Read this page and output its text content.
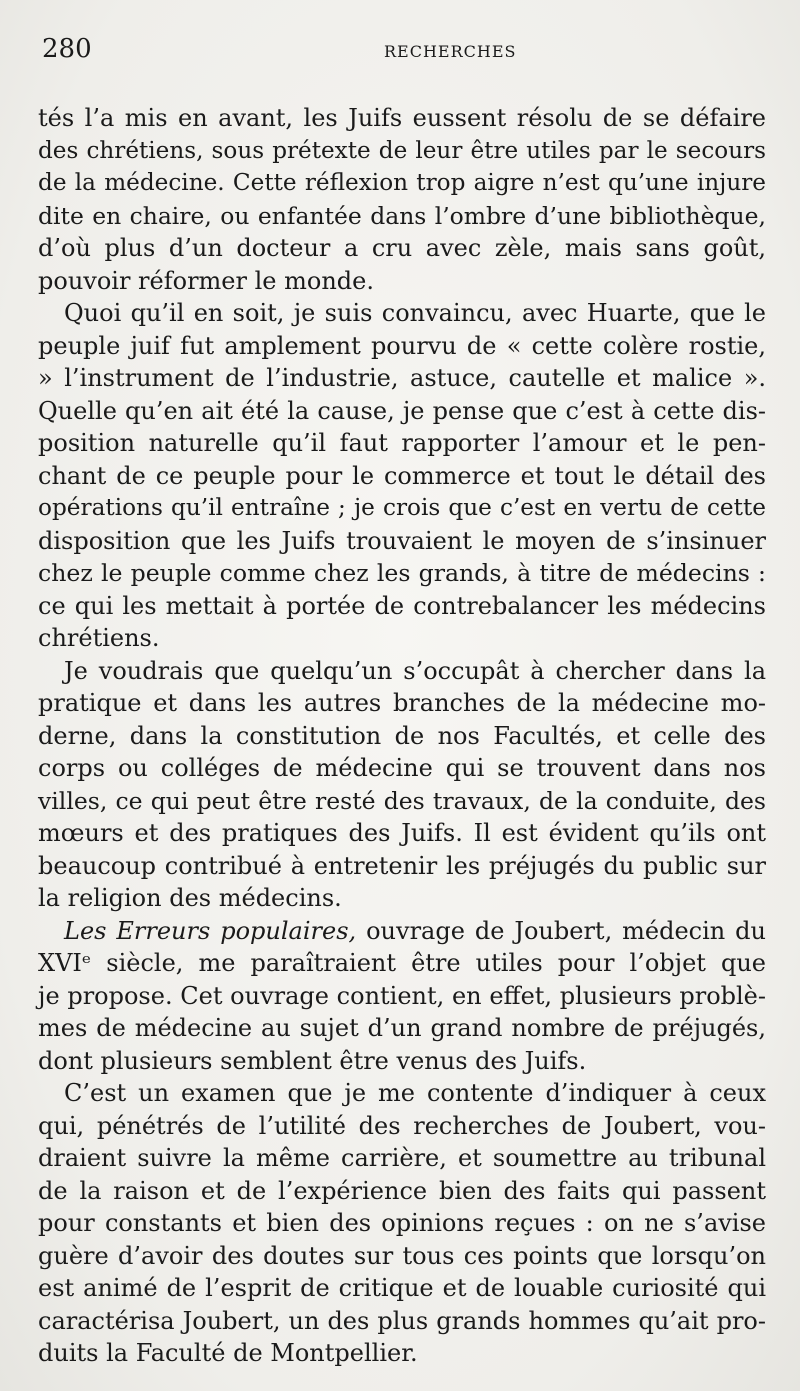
280	RECHERCHES

tés l’a mis en avant, les Juifs eussent résolu de se défaire
des chrétiens, sous prétexte de leur être utiles par le secours
de la médecine. Cette réflexion trop aigre n’est qu’une injure
dite en chaire, ou enfantée dans l’ombre d’une bibliothèque,
d’où plus d’un docteur a cru avec zèle, mais sans goût,
pouvoir réformer le monde.

Quoi qu’il en soit, je suis convaincu, avec Huarte, que le
peuple juif fut amplement pourvu de « cette colère rostie,
» l’instrument de l’industrie, astuce, cautelle et malice ».
Quelle qu’en ait été la cause, je pense que c’est à cette dis-
position naturelle qu’il faut rapporter l’amour et le pen-
chant de ce peuple pour le commerce et tout le détail des
opérations qu’il entraîne ; je crois que c’est en vertu de cette
disposition que les Juifs trouvaient le moyen de s’insinuer
chez le peuple comme chez les grands, à titre de médecins :
ce qui les mettait à portée de contrebalancer les médecins
chrétiens.

Je voudrais que quelqu’un s’occupât à chercher dans la
pratique et dans les autres branches de la médecine mo-
derne, dans la constitution de nos Facultés, et celle des
corps ou colléges de médecine qui se trouvent dans nos
villes, ce qui peut être resté des travaux, de la conduite, des
mœurs et des pratiques des Juifs. Il est évident qu’ils ont
beaucoup contribué à entretenir les préjugés du public sur
la religion des médecins.

Les Erreurs populaires, ouvrage de Joubert, médecin du
XVIᵉ siècle, me paraîtraient être utiles pour l’objet que
je propose. Cet ouvrage contient, en effet, plusieurs problè-
mes de médecine au sujet d’un grand nombre de préjugés,
dont plusieurs semblent être venus des Juifs.

C’est un examen que je me contente d’indiquer à ceux
qui, pénétrés de l’utilité des recherches de Joubert, vou-
draient suivre la même carrière, et soumettre au tribunal
de la raison et de l’expérience bien des faits qui passent
pour constants et bien des opinions reçues : on ne s’avise
guère d’avoir des doutes sur tous ces points que lorsqu’on
est animé de l’esprit de critique et de louable curiosité qui
caractérisa Joubert, un des plus grands hommes qu’ait pro-
duits la Faculté de Montpellier.
